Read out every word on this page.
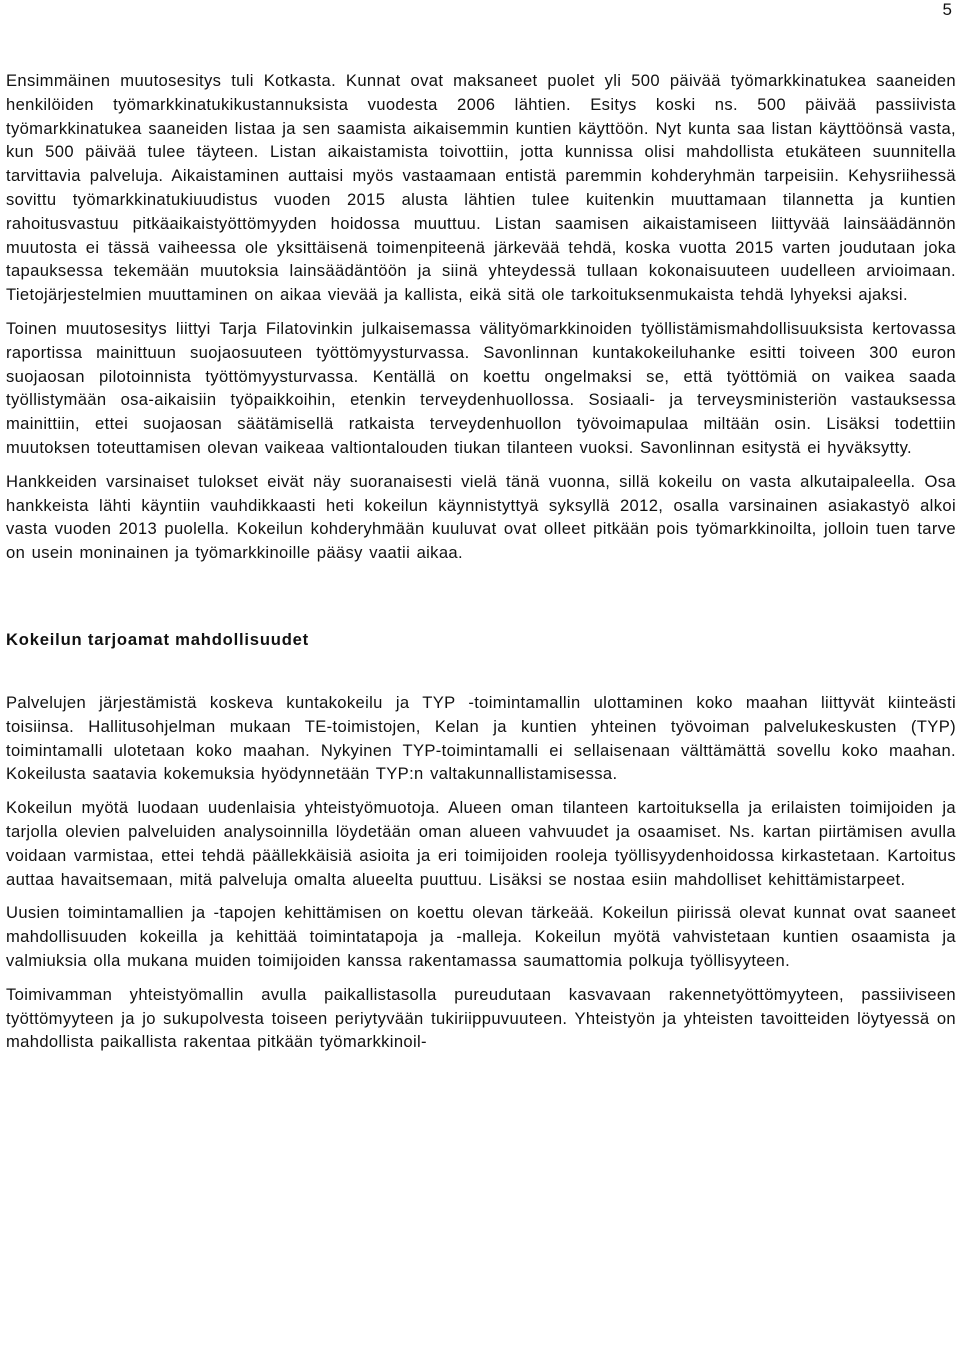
5

Ensimmäinen muutosesitys tuli Kotkasta. Kunnat ovat maksaneet puolet yli 500 päivää työmarkkinatukea saaneiden henkilöiden työmarkkinatukikustannuksista vuodesta 2006 lähtien. Esitys koski ns. 500 päivää passiivista työmarkkinatukea saaneiden listaa ja sen saamista aikaisemmin kuntien käyttöön. Nyt kunta saa listan käyttöönsä vasta, kun 500 päivää tulee täyteen. Listan aikaistamista toivottiin, jotta kunnissa olisi mahdollista etukäteen suunnitella tarvittavia palveluja. Aikaistaminen auttaisi myös vastaamaan entistä paremmin kohderyhmän tarpeisiin. Kehysriihessä sovittu työmarkkinatukiuudistus vuoden 2015 alusta lähtien tulee kuitenkin muuttamaan tilannetta ja kuntien rahoitusvastuu pitkäaikaistyöttömyyden hoidossa muuttuu. Listan saamisen aikaistamiseen liittyvää lainsäädännön muutosta ei tässä vaiheessa ole yksittäisenä toimenpiteenä järkevää tehdä, koska vuotta 2015 varten joudutaan joka tapauksessa tekemään muutoksia lainsäädäntöön ja siinä yhteydessä tullaan kokonaisuuteen uudelleen arvioimaan. Tietojärjestelmien muuttaminen on aikaa vievää ja kallista, eikä sitä ole tarkoituksenmukaista tehdä lyhyeksi ajaksi.

Toinen muutosesitys liittyi Tarja Filatovinkin julkaisemassa välityömarkkinoiden työllistämismahdollisuuksista kertovassa raportissa mainittuun suojaosuuteen työttömyysturvassa. Savonlinnan kuntakokeiluhanke esitti toiveen 300 euron suojaosan pilotoinnista työttömyysturvassa. Kentällä on koettu ongelmaksi se, että työttömiä on vaikea saada työllistymään osa-aikaisiin työpaikkoihin, etenkin terveydenhuollossa. Sosiaali- ja terveysministeriön vastauksessa mainittiin, ettei suojaosan säätämisellä ratkaista terveydenhuollon työvoimapulaa miltään osin. Lisäksi todettiin muutoksen toteuttamisen olevan vaikeaa valtiontalouden tiukan tilanteen vuoksi. Savonlinnan esitystä ei hyväksytty.

Hankkeiden varsinaiset tulokset eivät näy suoranaisesti vielä tänä vuonna, sillä kokeilu on vasta alkutaipaleella. Osa hankkeista lähti käyntiin vauhdikkaasti heti kokeilun käynnistyttyä syksyllä 2012, osalla varsinainen asiakastyö alkoi vasta vuoden 2013 puolella. Kokeilun kohderyhmään kuuluvat ovat olleet pitkään pois työmarkkinoilta, jolloin tuen tarve on usein moninainen ja työmarkkinoille pääsy vaatii aikaa.

Kokeilun tarjoamat mahdollisuudet

Palvelujen järjestämistä koskeva kuntakokeilu ja TYP -toimintamallin ulottaminen koko maahan liittyvät kiinteästi toisiinsa. Hallitusohjelman mukaan TE-toimistojen, Kelan ja kuntien yhteinen työvoiman palvelukeskusten (TYP) toimintamalli ulotetaan koko maahan. Nykyinen TYP-toimintamalli ei sellaisenaan välttämättä sovellu koko maahan. Kokeilusta saatavia kokemuksia hyödynnetään TYP:n valtakunnallistamisessa.

Kokeilun myötä luodaan uudenlaisia yhteistyömuotoja. Alueen oman tilanteen kartoituksella ja erilaisten toimijoiden ja tarjolla olevien palveluiden analysoinnilla löydetään oman alueen vahvuudet ja osaamiset. Ns. kartan piirtämisen avulla voidaan varmistaa, ettei tehdä päällekkäisiä asioita ja eri toimijoiden rooleja työllisyydenhoidossa kirkastetaan. Kartoitus auttaa havaitsemaan, mitä palveluja omalta alueelta puuttuu. Lisäksi se nostaa esiin mahdolliset kehittämistarpeet.

Uusien toimintamallien ja -tapojen kehittämisen on koettu olevan tärkeää. Kokeilun piirissä olevat kunnat ovat saaneet mahdollisuuden kokeilla ja kehittää toimintatapoja ja -malleja. Kokeilun myötä vahvistetaan kuntien osaamista ja valmiuksia olla mukana muiden toimijoiden kanssa rakentamassa saumattomia polkuja työllisyyteen.

Toimivamman yhteistyömallin avulla paikallistasolla pureudutaan kasvavaan rakennetyöttömyyteen, passiiviseen työttömyyteen ja jo sukupolvesta toiseen periytyvään tukiriippuvuuteen. Yhteistyön ja yhteisten tavoitteiden löytyessä on mahdollista paikallista rakentaa pitkään työmarkkinoil-
